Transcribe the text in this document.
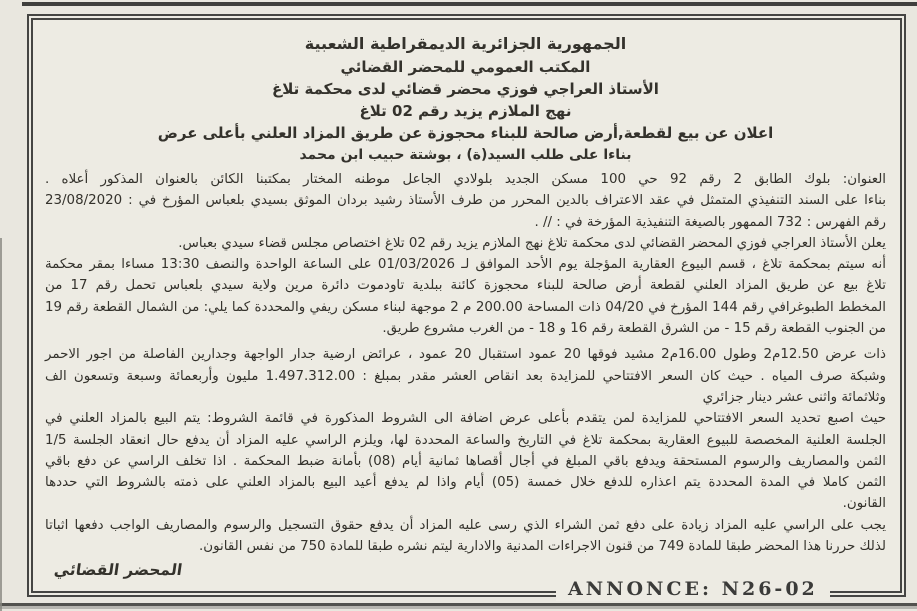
الجمهورية الجزائرية الديمقراطية الشعبية
المكتب العمومي للمحضر القضائي
الأستاذ العراجي فوزي محضر قضائي لدى محكمة تلاغ
نهج الملازم يزيد رقم 02 تلاغ
اعلان عن بيع لقطعة,أرض صالحة للبناء محجوزة عن طريق المزاد العلني بأعلى عرض
بناءا على طلب السيد(ة) ، بوشتة حبيب ابن محمد
العنوان: بلوك الطابق 2 رقم 92 حي 100 مسكن الجديد بلولادي الجاعل موطنه المختار بمكتبنا الكائن بالعنوان المذكور أعلاه .
بناءا على السند التنفيذي المتمثل في عقد الاعتراف بالدين المحرر من طرف الأستاذ رشيد بردان الموثق بسيدي بلعباس المؤرخ في : 23/08/2020
رقم الفهرس : 732 الممهور بالصيغة التنفيذية المؤرخة في : // .
يعلن الأستاذ العراجي فوزي المحضر القضائي لدى محكمة تلاغ نهج الملازم يزيد رقم 02 تلاغ اختصاص مجلس قضاء سيدي بعباس.
أنه سيتم بمحكمة تلاغ ، قسم البيوع العقارية المؤجلة يوم الأحد الموافق لـ 01/03/2026 على الساعة الواحدة والنصف 13:30 مساءا بمقر محكمة
تلاغ بيع عن طريق المزاد العلني لقطعة أرض صالحة للبناء محجوزة كائنة ببلدية تاودموت دائرة مرين ولاية سيدي بلعباس تحمل رقم 17 من
المخطط الطبوغرافي رقم 144 المؤرخ في 04/20 ذات المساحة 200.00 م 2 موجهة لبناء مسكن ريفي والمحددة كما يلي: من الشمال القطعة رقم 19
من الجنوب القطعة رقم 15 - من الشرق القطعة رقم 16 و 18 - من الغرب مشروع طريق.
ذات عرض 12.50م2 وطول 16.00م2 مشيد فوقها 20 عمود استقبال 20 عمود ، عرائض ارضية جدار الواجهة وجدارين الفاصلة من اجور الاحمر
وشبكة صرف المياه . حيث كان السعر الافتتاحي للمزايدة بعد انقاص العشر مقدر بمبلغ : 1.497.312.00 مليون وأربعمائة وسبعة وتسعون الف
وثلاثمائة واثنى عشر دينار جزائري
حيث اصبع تحديد السعر الافتتاحي للمزايدة لمن يتقدم بأعلى عرض اضافة الى الشروط المذكورة في قائمة الشروط: يتم البيع بالمزاد العلني في
الجلسة العلنية المخصصة للبيوع العقارية بمحكمة تلاغ في التاريخ والساعة المحددة لها، ويلزم الراسي عليه المزاد أن يدفع حال انعقاد الجلسة 1/5
الثمن والمصاريف والرسوم المستحقة ويدفع باقي المبلغ في أجال أقصاها ثمانية أيام (08) بأمانة ضبط المحكمة . اذا تخلف الراسي عن دفع باقي
الثمن كاملا في المدة المحددة يتم اعذاره للدفع خلال خمسة (05) أيام واذا لم يدفع أعيد البيع بالمزاد العلني على ذمته بالشروط التي حددها
القانون.
يجب على الراسي عليه المزاد زيادة على دفع ثمن الشراء الذي رسى عليه المزاد أن يدفع حقوق التسجيل والرسوم والمصاريف الواجب دفعها اثباتا
لذلك حررنا هذا المحضر طبقا للمادة 749 من قنون الاجراءات المدنية والادارية ليتم نشره طبقا للمادة 750 من نفس القانون.
المحضر القضائي
ANNONCE: N26-02
